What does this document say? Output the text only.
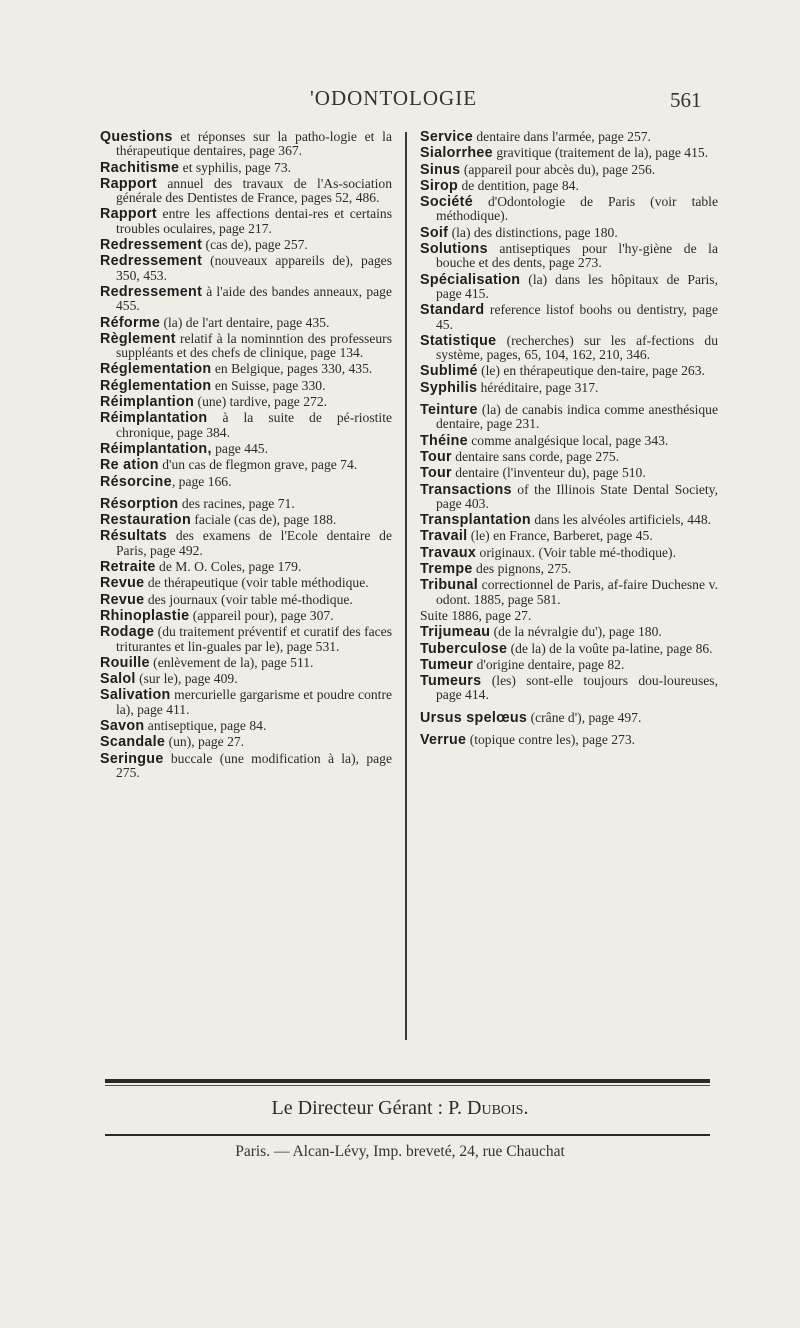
'ODONTOLOGIE	561

Questions et réponses sur la patho-logie et la thérapeutique dentaires, page 367.

Rachitisme et syphilis, page 73.

Rapport annuel des travaux de l'As-sociation générale des Dentistes de France, pages 52, 486.

Rapport entre les affections dentai-res et certains troubles oculaires, page 217.

Redressement (cas de), page 257.

Redressement (nouveaux appareils de), pages 350, 453.

Redressement à l'aide des bandes anneaux, page 455.

Réforme (la) de l'art dentaire, page 435.

Règlement relatif à la nominntion des professeurs suppléants et des chefs de clinique, page 134.

Réglementation en Belgique, pages 330, 435.

Réglementation en Suisse, page 330.

Réimplantion (une) tardive, page 272.

Réimplantation à la suite de pé-riostite chronique, page 384.

Réimplantation, page 445.

Re ation d'un cas de flegmon grave, page 74.

Résorcine, page 166.

Résorption des racines, page 71.

Restauration faciale (cas de), page 188.

Résultats des examens de l'Ecole dentaire de Paris, page 492.

Retraite de M. O. Coles, page 179.

Revue de thérapeutique (voir table méthodique.

Revue des journaux (voir table mé-thodique.

Rhinoplastie (appareil pour), page 307.

Rodage (du traitement préventif et curatif des faces triturantes et lin-guales par le), page 531.

Rouille (enlèvement de la), page 511.

Salol (sur le), page 409.

Salivation mercurielle gargarisme et poudre contre la), page 411.

Savon antiseptique, page 84.

Scandale (un), page 27.

Seringue buccale (une modification à la), page 275.

Service dentaire dans l'armée, page 257.

Sialorrhee gravitique (traitement de la), page 415.

Sinus (appareil pour abcès du), page 256.

Sirop de dentition, page 84.

Société d'Odontologie de Paris (voir table méthodique).

Soif (la) des distinctions, page 180.

Solutions antiseptiques pour l'hy-giène de la bouche et des dents, page 273.

Spécialisation (la) dans les hôpitaux de Paris, page 415.

Standard reference listof boohs ou dentistry, page 45.

Statistique (recherches) sur les af-fections du système, pages, 65, 104, 162, 210, 346.

Sublimé (le) en thérapeutique den-taire, page 263.

Syphilis héréditaire, page 317.

Teinture (la) de canabis indica comme anesthésique dentaire, page 231.

Théine comme analgésique local, page 343.

Tour dentaire sans corde, page 275.

Tour dentaire (l'inventeur du), page 510.

Transactions of the Illinois State Dental Society, page 403.

Transplantation dans les alvéoles artificiels, 448.

Travail (le) en France, Barberet, page 45.

Travaux originaux. (Voir table mé-thodique).

Trempe des pignons, 275.

Tribunal correctionnel de Paris, af-faire Duchesne v. odont. 1885, page 581.

Suite 1886, page 27.

Trijumeau (de la névralgie du'), page 180.

Tuberculose (de la) de la voûte pa-latine, page 86.

Tumeur d'origine dentaire, page 82.

Tumeurs (les) sont-elle toujours dou-loureuses, page 414.

Ursus spelœus (crâne d'), page 497.

Verrue (topique contre les), page 273.

Le Directeur Gérant : P. Dubois.
Paris. — Alcan-Lévy, Imp. breveté, 24, rue Chauchat
